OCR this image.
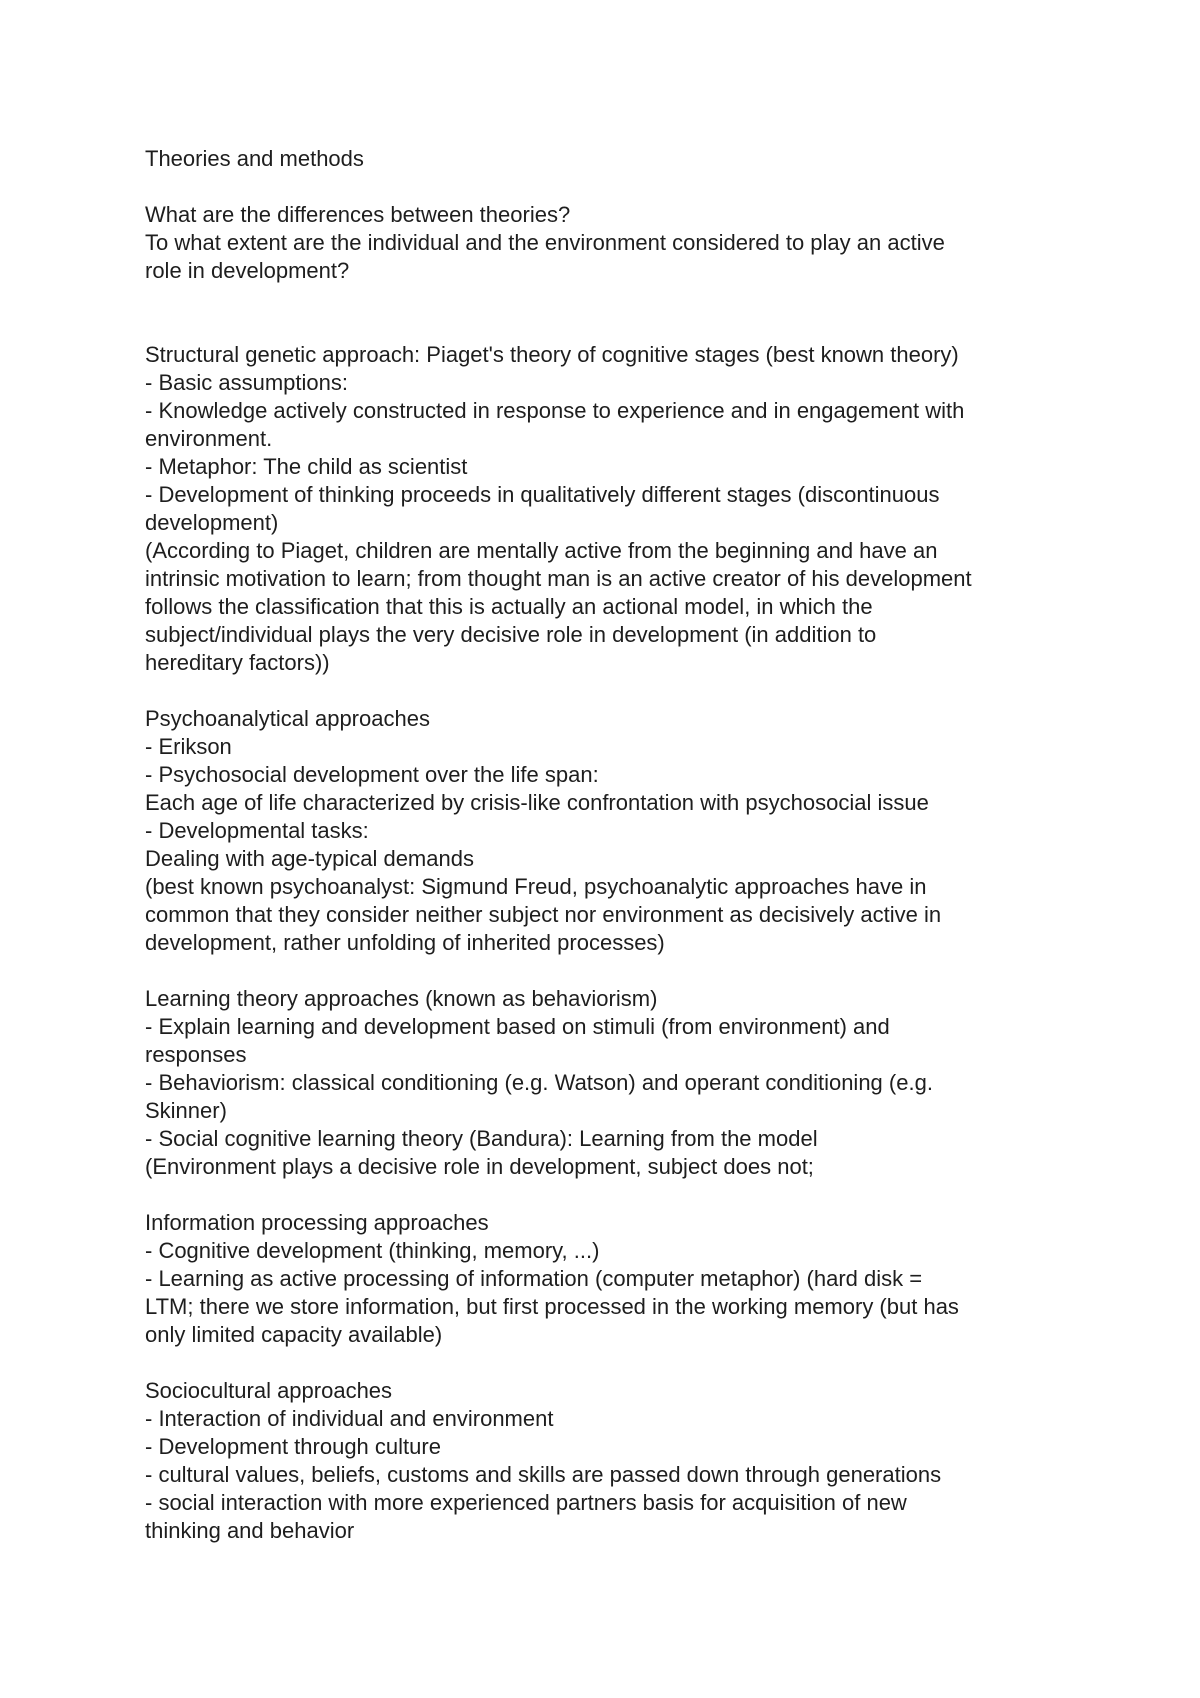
Theories and methods
What are the differences between theories?
To what extent are the individual and the environment considered to play an active
role in development?
Structural genetic approach: Piaget's theory of cognitive stages (best known theory)
- Basic assumptions:
- Knowledge actively constructed in response to experience and in engagement with
environment.
- Metaphor: The child as scientist
- Development of thinking proceeds in qualitatively different stages (discontinuous
development)
(According to Piaget, children are mentally active from the beginning and have an
intrinsic motivation to learn; from thought man is an active creator of his development
follows the classification that this is actually an actional model, in which the
subject/individual plays the very decisive role in development (in addition to
hereditary factors))
Psychoanalytical approaches
- Erikson
- Psychosocial development over the life span:
Each age of life characterized by crisis-like confrontation with psychosocial issue
- Developmental tasks:
Dealing with age-typical demands
(best known psychoanalyst: Sigmund Freud, psychoanalytic approaches have in
common that they consider neither subject nor environment as decisively active in
development, rather unfolding of inherited processes)
Learning theory approaches (known as behaviorism)
- Explain learning and development based on stimuli (from environment) and
responses
- Behaviorism: classical conditioning (e.g. Watson) and operant conditioning (e.g.
Skinner)
- Social cognitive learning theory (Bandura): Learning from the model
(Environment plays a decisive role in development, subject does not;
Information processing approaches
- Cognitive development (thinking, memory, ...)
- Learning as active processing of information (computer metaphor) (hard disk =
LTM; there we store information, but first processed in the working memory (but has
only limited capacity available)
Sociocultural approaches
- Interaction of individual and environment
- Development through culture
- cultural values, beliefs, customs and skills are passed down through generations
- social interaction with more experienced partners basis for acquisition of new
thinking and behavior
